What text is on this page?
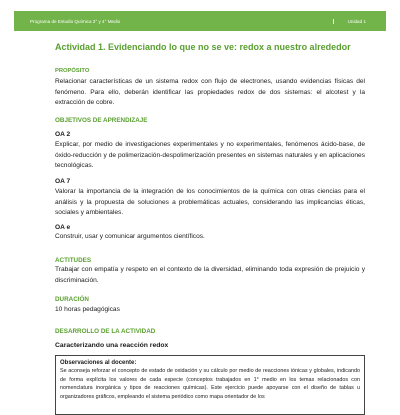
Programa de Estudio Química 3° y 4° Medio	Unidad 1
Actividad 1. Evidenciando lo que no se ve: redox a nuestro alrededor
PROPÓSITO

Relacionar características de un sistema redox con flujo de electrones, usando evidencias físicas del fenómeno. Para ello, deberán identificar las propiedades redox de dos sistemas: el alcotest y la extracción de cobre.

OBJETIVOS DE APRENDIZAJE
OA 2

Explicar, por medio de investigaciones experimentales y no experimentales, fenómenos ácido-base, de óxido-reducción y de polimerización-despolimerización presentes en sistemas naturales y en aplicaciones tecnológicas.

OA 7

Valorar la importancia de la integración de los conocimientos de la química con otras ciencias para el análisis y la propuesta de soluciones a problemáticas actuales, considerando las implicancias éticas, sociales y ambientales.

OA e

Construir, usar y comunicar argumentos científicos.

ACTITUDES

Trabajar con empatía y respeto en el contexto de la diversidad, eliminando toda expresión de prejuicio y discriminación.

DURACIÓN

10 horas pedagógicas

DESARROLLO DE LA ACTIVIDAD
Caracterizando una reacción redox
Observaciones al docente:

Se aconseja reforzar el concepto de estado de oxidación y su cálculo por medio de reacciones iónicas y globales, indicando de forma explícita los valores de cada especie (conceptos trabajados en 1° medio en los temas relacionados con nomenclatura inorgánica y tipos de reacciones químicas). Este ejercicio puede apoyarse con el diseño de tablas u organizadores gráficos, empleando el sistema periódico como mapa orientador de los
